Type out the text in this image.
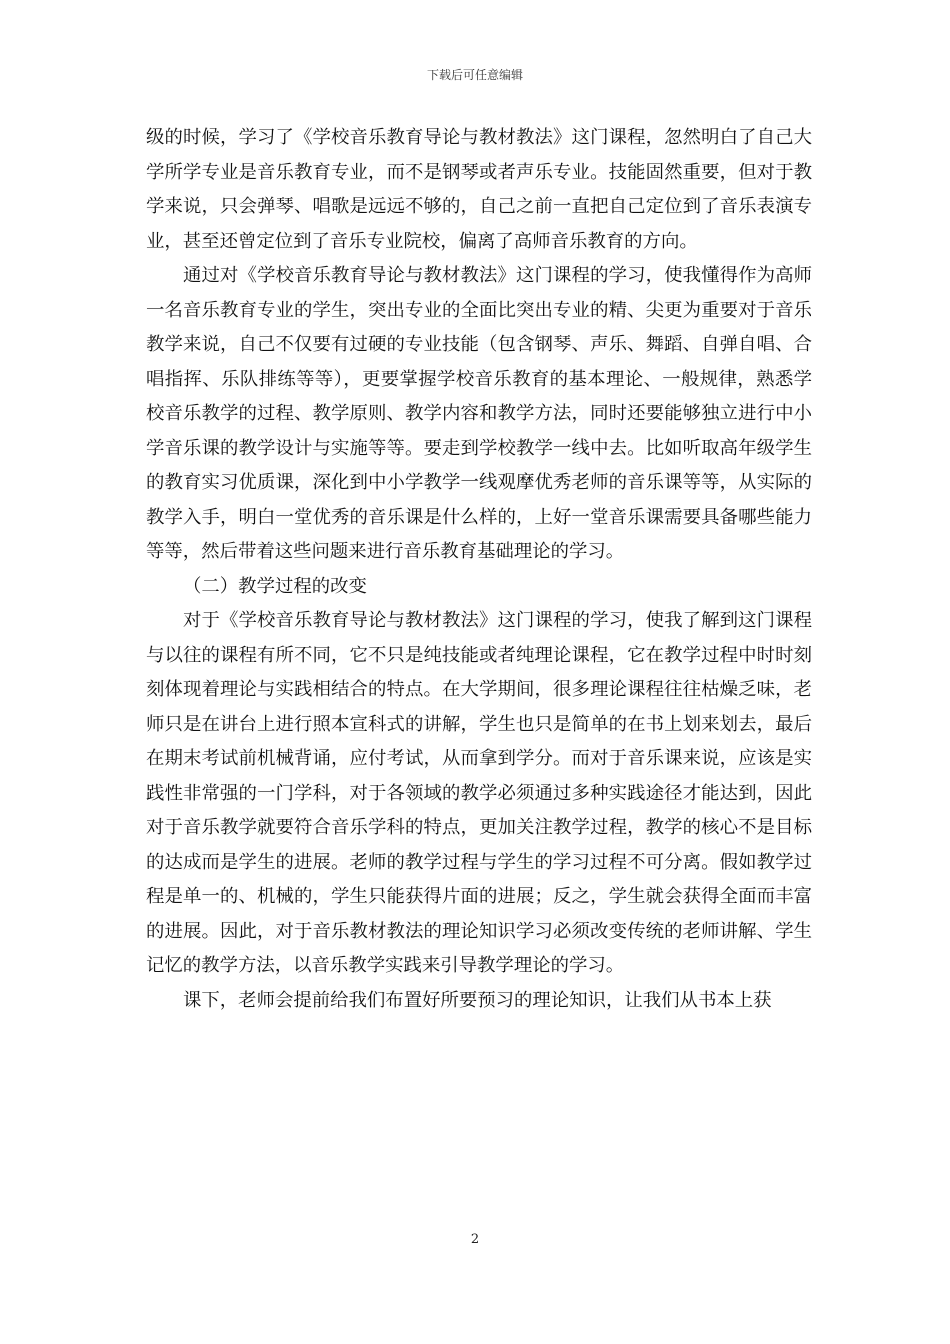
下载后可任意编辑

级的时候，学习了《学校音乐教育导论与教材教法》这门课程，忽然明白了自己大学所学专业是音乐教育专业，而不是钢琴或者声乐专业。技能固然重要，但对于教学来说，只会弹琴、唱歌是远远不够的，自己之前一直把自己定位到了音乐表演专业，甚至还曾定位到了音乐专业院校，偏离了高师音乐教育的方向。

通过对《学校音乐教育导论与教材教法》这门课程的学习，使我懂得作为高师一名音乐教育专业的学生，突出专业的全面比突出专业的精、尖更为重要对于音乐教学来说，自己不仅要有过硬的专业技能（包含钢琴、声乐、舞蹈、自弹自唱、合唱指挥、乐队排练等等），更要掌握学校音乐教育的基本理论、一般规律，熟悉学校音乐教学的过程、教学原则、教学内容和教学方法，同时还要能够独立进行中小学音乐课的教学设计与实施等等。要走到学校教学一线中去。比如听取高年级学生的教育实习优质课，深化到中小学教学一线观摩优秀老师的音乐课等等，从实际的教学入手，明白一堂优秀的音乐课是什么样的，上好一堂音乐课需要具备哪些能力等等，然后带着这些问题来进行音乐教育基础理论的学习。

（二）教学过程的改变

对于《学校音乐教育导论与教材教法》这门课程的学习，使我了解到这门课程与以往的课程有所不同，它不只是纯技能或者纯理论课程，它在教学过程中时时刻刻体现着理论与实践相结合的特点。在大学期间，很多理论课程往往枯燥乏味，老师只是在讲台上进行照本宣科式的讲解，学生也只是简单的在书上划来划去，最后在期末考试前机械背诵，应付考试，从而拿到学分。而对于音乐课来说，应该是实践性非常强的一门学科，对于各领域的教学必须通过多种实践途径才能达到，因此对于音乐教学就要符合音乐学科的特点，更加关注教学过程，教学的核心不是目标的达成而是学生的进展。老师的教学过程与学生的学习过程不可分离。假如教学过程是单一的、机械的，学生只能获得片面的进展；反之，学生就会获得全面而丰富的进展。因此，对于音乐教材教法的理论知识学习必须改变传统的老师讲解、学生记忆的教学方法，以音乐教学实践来引导教学理论的学习。

课下，老师会提前给我们布置好所要预习的理论知识，让我们从书本上获

2
